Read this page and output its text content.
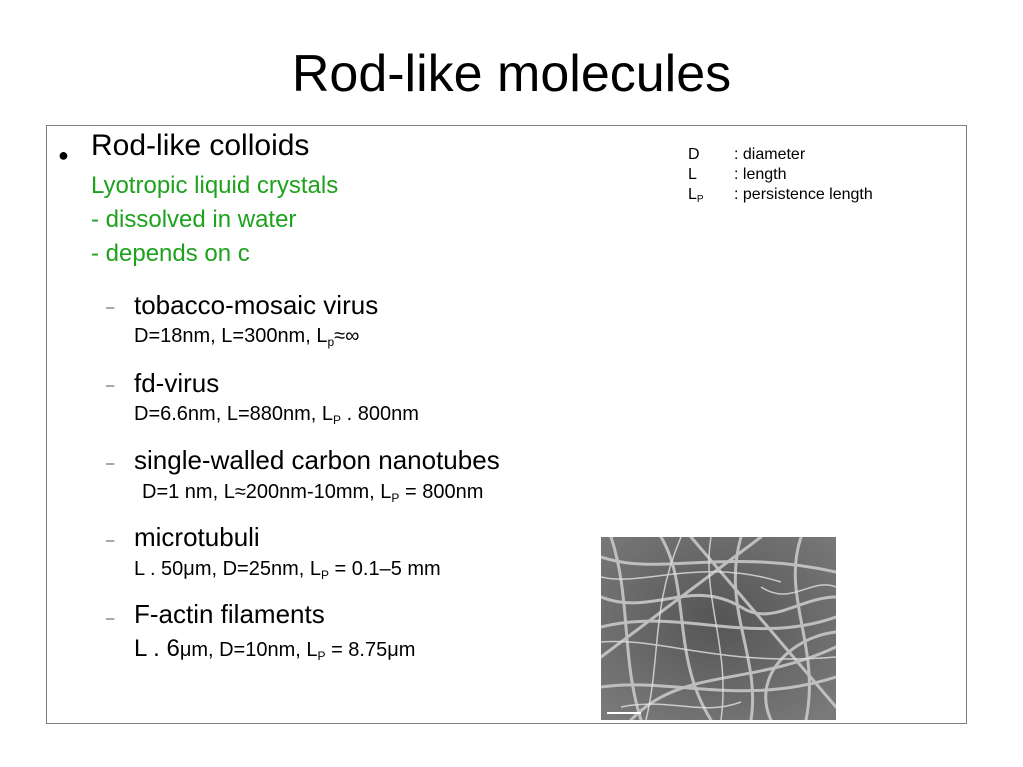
Rod-like molecules
● Rod-like colloids
Lyotropic liquid crystals
- dissolved in water
- depends on c
– tobacco-mosaic virus
D=18nm, L=300nm, $L_p\approx\infty$
– fd-virus
D=6.6nm, L=880nm, $L_P$ . 800nm
– single-walled carbon nanotubes
D=1 nm, L≈200nm-10mm, $L_P = 800nm$
– microtubuli
L . 50μm, D=25nm, $L_P = 0.1-5$ mm
– F-actin filaments
L . 6μm, D=10nm, $L_P = 8.75\mu m$
D	: diameter
L	: length
$L_P$	: persistence length
